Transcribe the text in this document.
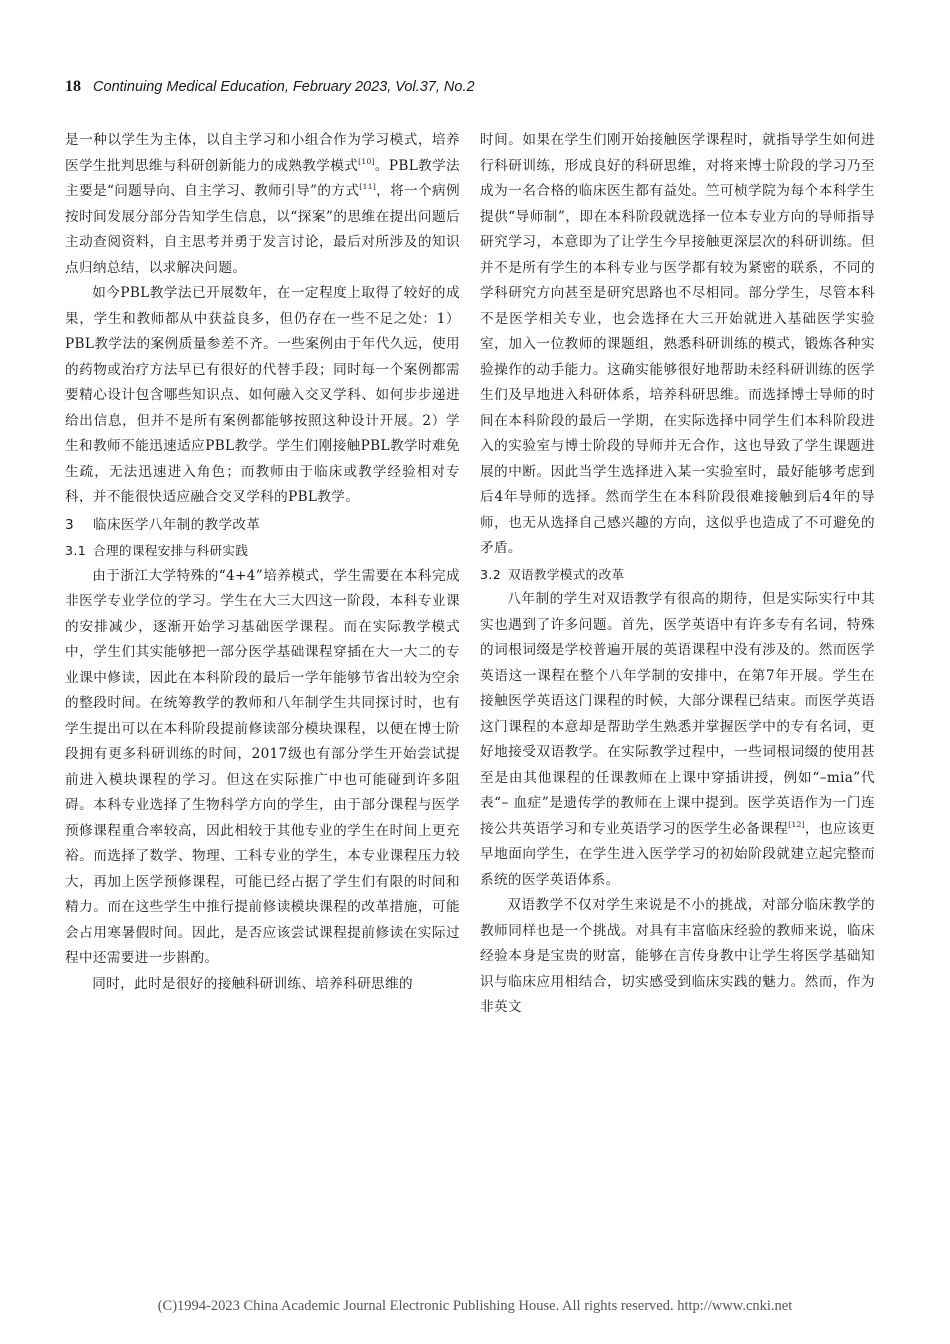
18 Continuing Medical Education, February 2023, Vol.37, No.2

是一种以学生为主体，以自主学习和小组合作为学习模式，培养医学生批判思维与科研创新能力的成熟教学模式[10]。PBL教学法主要是“问题导向、自主学习、教师引导”的方式[11]，将一个病例按时间发展分部分告知学生信息，以“探案”的思维在提出问题后主动查阅资料，自主思考并勇于发言讨论，最后对所涉及的知识点归纳总结，以求解决问题。

如今PBL教学法已开展数年，在一定程度上取得了较好的成果，学生和教师都从中获益良多，但仍存在一些不足之处：1）PBL教学法的案例质量参差不齐。一些案例由于年代久远，使用的药物或治疗方法早已有很好的代替手段；同时每一个案例都需要精心设计包含哪些知识点、如何融入交叉学科、如何步步递进给出信息，但并不是所有案例都能够按照这种设计开展。2）学生和教师不能迅速适应PBL教学。学生们刚接触PBL教学时难免生疏，无法迅速进入角色；而教师由于临床或教学经验相对专科，并不能很快适应融合交叉学科的PBL教学。

3 临床医学八年制的教学改革
3.1 合理的课程安排与科研实践

由于浙江大学特殊的“4+4”培养模式，学生需要在本科完成非医学专业学位的学习。学生在大三大四这一阶段，本科专业课的安排减少，逐渐开始学习基础医学课程。而在实际教学模式中，学生们其实能够把一部分医学基础课程穿插在大一大二的专业课中修读，因此在本科阶段的最后一学年能够节省出较为空余的整段时间。在统筹教学的教师和八年制学生共同探讨时，也有学生提出可以在本科阶段提前修读部分模块课程，以便在博士阶段拥有更多科研训练的时间，2017级也有部分学生开始尝试提前进入模块课程的学习。但这在实际推广中也可能碰到许多阻碍。本科专业选择了生物科学方向的学生，由于部分课程与医学预修课程重合率较高，因此相较于其他专业的学生在时间上更充裕。而选择了数学、物理、工科专业的学生，本专业课程压力较大，再加上医学预修课程，可能已经占据了学生们有限的时间和精力。而在这些学生中推行提前修读模块课程的改革措施，可能会占用寒暑假时间。因此，是否应该尝试课程提前修读在实际过程中还需要进一步斟酌。

同时，此时是很好的接触科研训练、培养科研思维的

时间。如果在学生们刚开始接触医学课程时，就指导学生如何进行科研训练，形成良好的科研思维，对将来博士阶段的学习乃至成为一名合格的临床医生都有益处。竺可桢学院为每个本科学生提供“导师制”，即在本科阶段就选择一位本专业方向的导师指导研究学习，本意即为了让学生今早接触更深层次的科研训练。但并不是所有学生的本科专业与医学都有较为紧密的联系，不同的学科研究方向甚至是研究思路也不尽相同。部分学生，尽管本科不是医学相关专业，也会选择在大三开始就进入基础医学实验室，加入一位教师的课题组，熟悉科研训练的模式，锻炼各种实验操作的动手能力。这确实能够很好地帮助未经科研训练的医学生们及早地进入科研体系，培养科研思维。而选择博士导师的时间在本科阶段的最后一学期，在实际选择中同学生们本科阶段进入的实验室与博士阶段的导师并无合作，这也导致了学生课题进展的中断。因此当学生选择进入某一实验室时，最好能够考虑到后4年导师的选择。然而学生在本科阶段很难接触到后4年的导师，也无从选择自己感兴趣的方向，这似乎也造成了不可避免的矛盾。

3.2 双语教学模式的改革

八年制的学生对双语教学有很高的期待，但是实际实行中其实也遇到了许多问题。首先，医学英语中有许多专有名词，特殊的词根词缀是学校普遍开展的英语课程中没有涉及的。然而医学英语这一课程在整个八年学制的安排中，在第7年开展。学生在接触医学英语这门课程的时候，大部分课程已结束。而医学英语这门课程的本意却是帮助学生熟悉并掌握医学中的专有名词，更好地接受双语教学。在实际教学过程中，一些词根词缀的使用甚至是由其他课程的任课教师在上课中穿插讲授，例如“–mia”代表“– 血症”是遗传学的教师在上课中提到。医学英语作为一门连接公共英语学习和专业英语学习的医学生必备课程[12]，也应该更早地面向学生，在学生进入医学学习的初始阶段就建立起完整而系统的医学英语体系。

双语教学不仅对学生来说是不小的挑战，对部分临床教学的教师同样也是一个挑战。对具有丰富临床经验的教师来说，临床经验本身是宝贵的财富，能够在言传身教中让学生将医学基础知识与临床应用相结合，切实感受到临床实践的魅力。然而，作为非英文

(C)1994-2023 China Academic Journal Electronic Publishing House. All rights reserved. http://www.cnki.net
